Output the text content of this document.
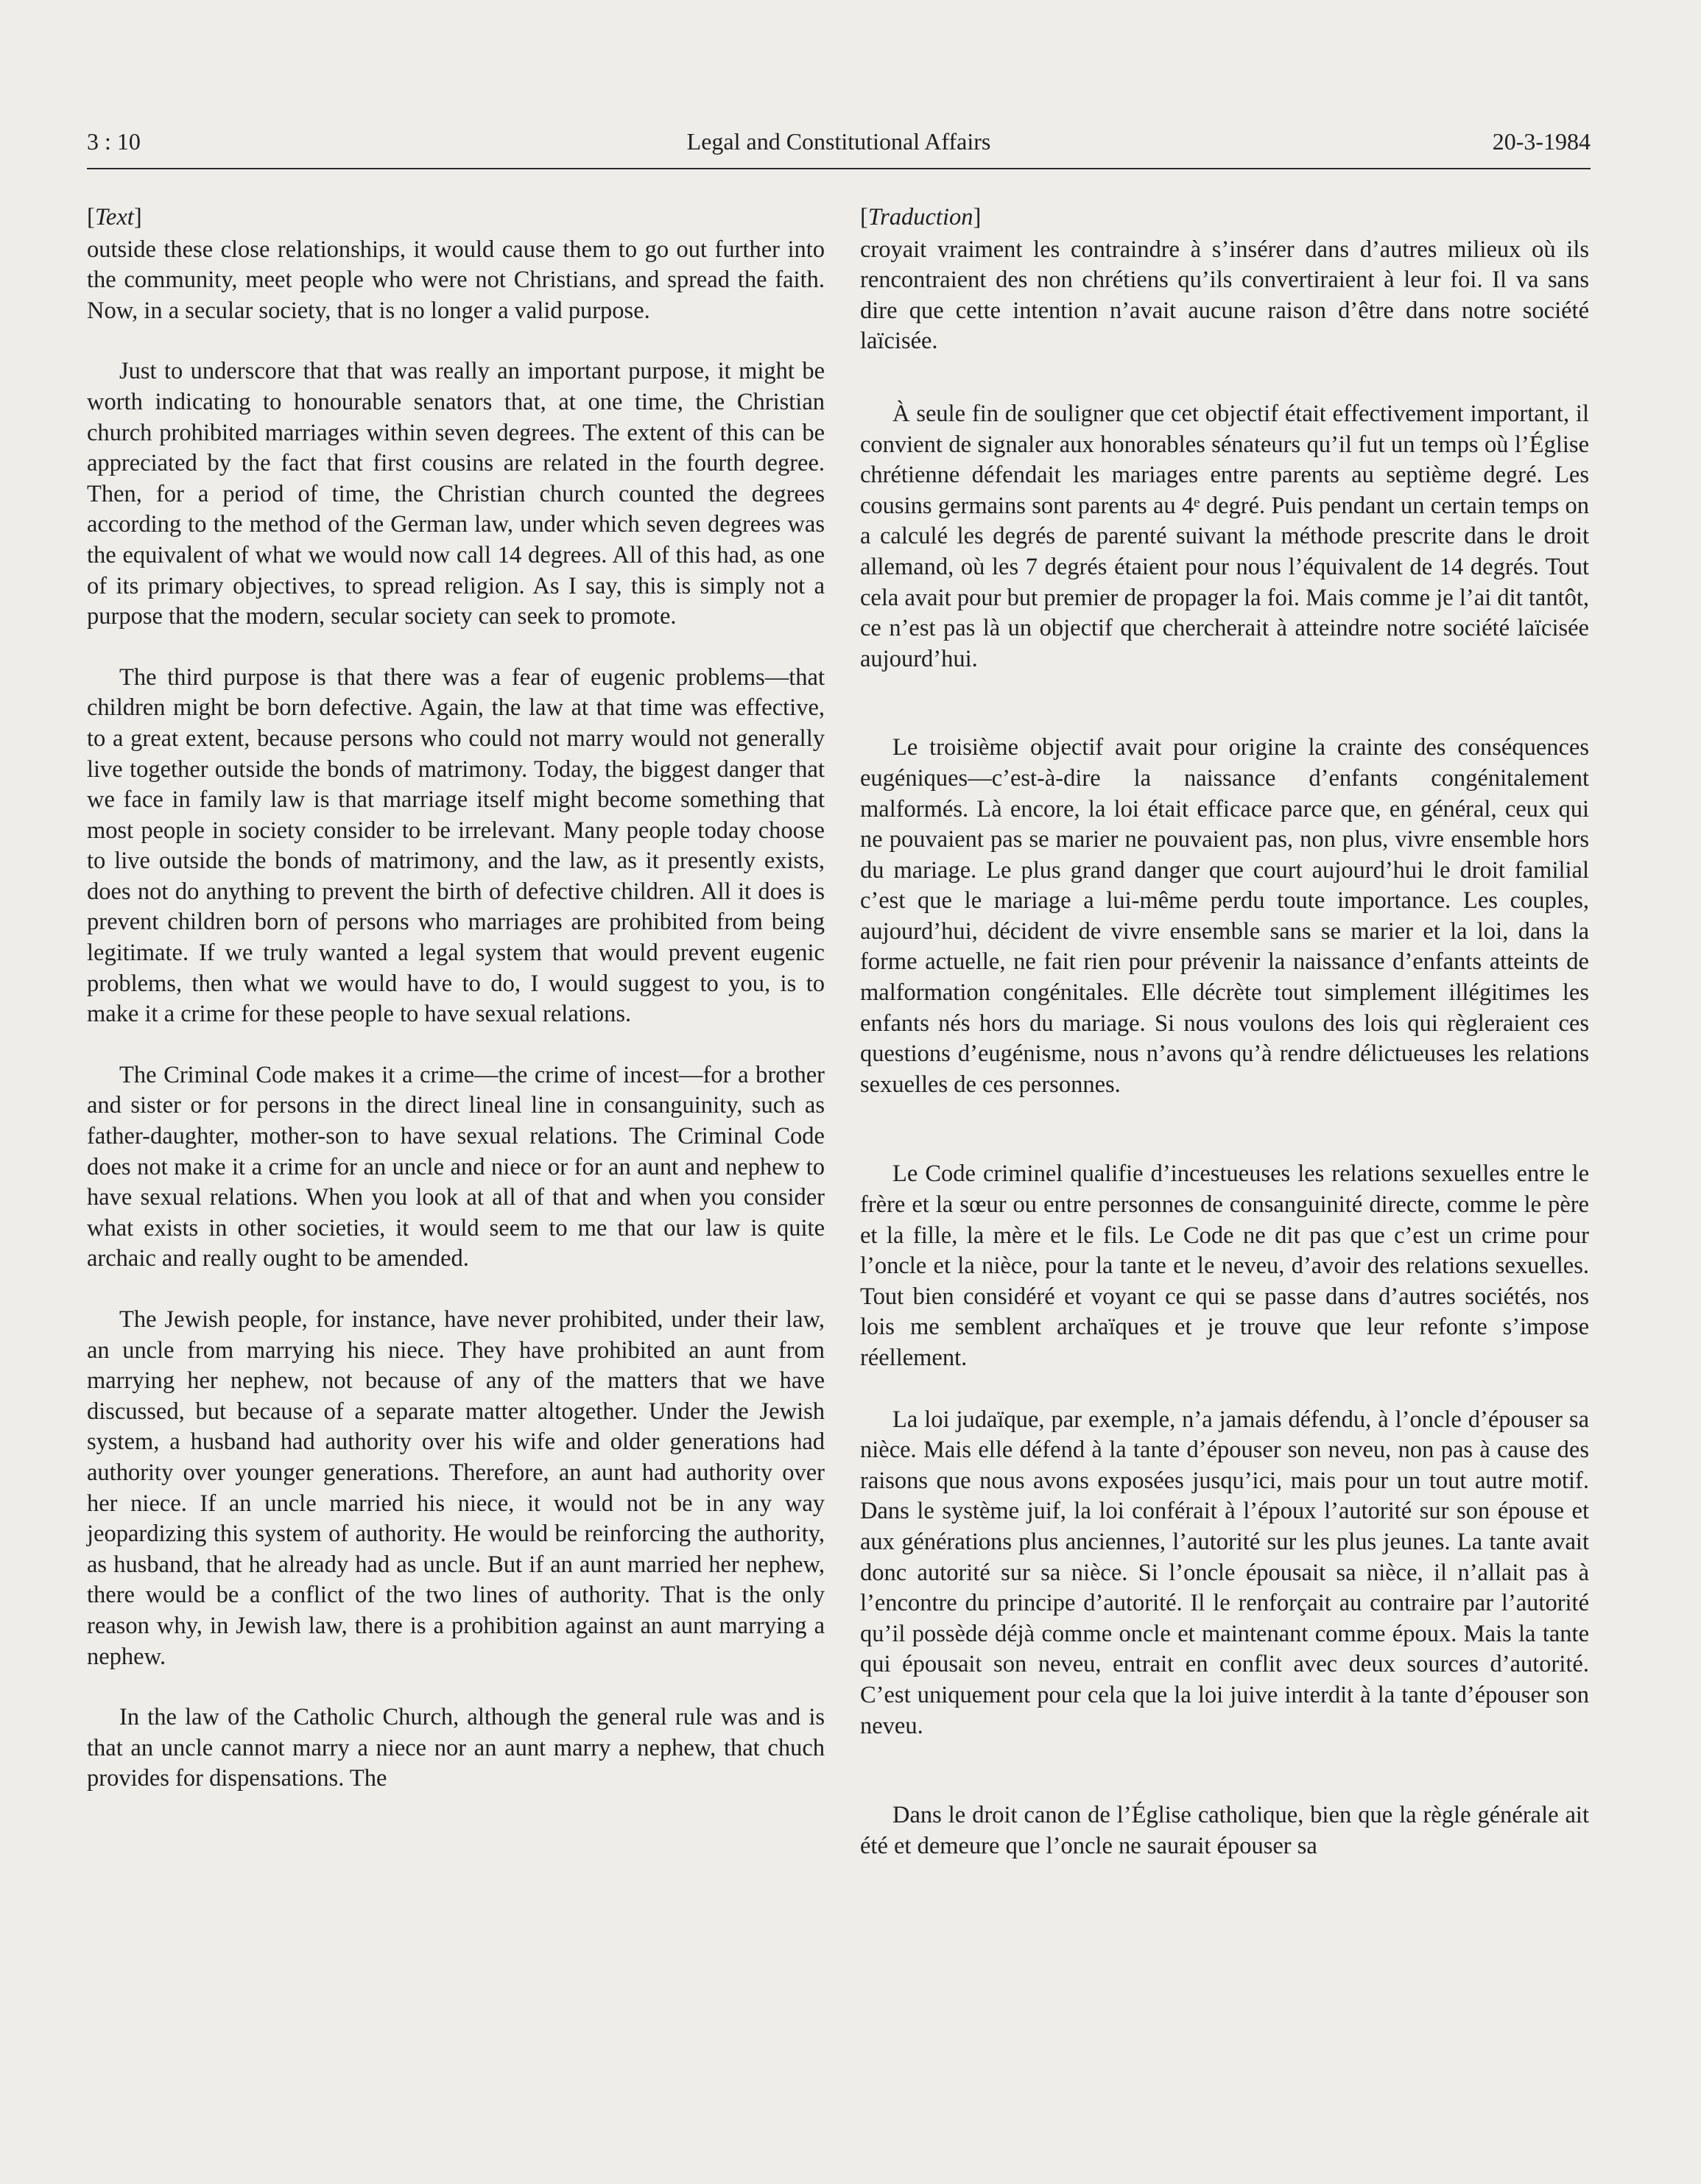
3 : 10	Legal and Constitutional Affairs	20-3-1984
[Text]

outside these close relationships, it would cause them to go out further into the community, meet people who were not Christians, and spread the faith. Now, in a secular society, that is no longer a valid purpose.

Just to underscore that that was really an important purpose, it might be worth indicating to honourable senators that, at one time, the Christian church prohibited marriages within seven degrees. The extent of this can be appreciated by the fact that first cousins are related in the fourth degree. Then, for a period of time, the Christian church counted the degrees according to the method of the German law, under which seven degrees was the equivalent of what we would now call 14 degrees. All of this had, as one of its primary objectives, to spread religion. As I say, this is simply not a purpose that the modern, secular society can seek to promote.

The third purpose is that there was a fear of eugenic problems—that children might be born defective. Again, the law at that time was effective, to a great extent, because persons who could not marry would not generally live together outside the bonds of matrimony. Today, the biggest danger that we face in family law is that marriage itself might become something that most people in society consider to be irrelevant. Many people today choose to live outside the bonds of matrimony, and the law, as it presently exists, does not do anything to prevent the birth of defective children. All it does is prevent children born of persons who marriages are prohibited from being legitimate. If we truly wanted a legal system that would prevent eugenic problems, then what we would have to do, I would suggest to you, is to make it a crime for these people to have sexual relations.

The Criminal Code makes it a crime—the crime of incest—for a brother and sister or for persons in the direct lineal line in consanguinity, such as father-daughter, mother-son to have sexual relations. The Criminal Code does not make it a crime for an uncle and niece or for an aunt and nephew to have sexual relations. When you look at all of that and when you consider what exists in other societies, it would seem to me that our law is quite archaic and really ought to be amended.

The Jewish people, for instance, have never prohibited, under their law, an uncle from marrying his niece. They have prohibited an aunt from marrying her nephew, not because of any of the matters that we have discussed, but because of a separate matter altogether. Under the Jewish system, a husband had authority over his wife and older generations had authority over younger generations. Therefore, an aunt had authority over her niece. If an uncle married his niece, it would not be in any way jeopardizing this system of authority. He would be reinforcing the authority, as husband, that he already had as uncle. But if an aunt married her nephew, there would be a conflict of the two lines of authority. That is the only reason why, in Jewish law, there is a prohibition against an aunt marrying a nephew.

In the law of the Catholic Church, although the general rule was and is that an uncle cannot marry a niece nor an aunt marry a nephew, that chuch provides for dispensations. The

[Traduction]

croyait vraiment les contraindre à s’insérer dans d’autres milieux où ils rencontraient des non chrétiens qu’ils convertiraient à leur foi. Il va sans dire que cette intention n’avait aucune raison d’être dans notre société laïcisée.

À seule fin de souligner que cet objectif était effectivement important, il convient de signaler aux honorables sénateurs qu’il fut un temps où l’Église chrétienne défendait les mariages entre parents au septième degré. Les cousins germains sont parents au 4ᵉ degré. Puis pendant un certain temps on a calculé les degrés de parenté suivant la méthode prescrite dans le droit allemand, où les 7 degrés étaient pour nous l’équivalent de 14 degrés. Tout cela avait pour but premier de propager la foi. Mais comme je l’ai dit tantôt, ce n’est pas là un objectif que chercherait à atteindre notre société laïcisée aujourd’hui.

Le troisième objectif avait pour origine la crainte des conséquences eugéniques—c’est-à-dire la naissance d’enfants congénitalement malformés. Là encore, la loi était efficace parce que, en général, ceux qui ne pouvaient pas se marier ne pouvaient pas, non plus, vivre ensemble hors du mariage. Le plus grand danger que court aujourd’hui le droit familial c’est que le mariage a lui-même perdu toute importance. Les couples, aujourd’hui, décident de vivre ensemble sans se marier et la loi, dans la forme actuelle, ne fait rien pour prévenir la naissance d’enfants atteints de malformation congénitales. Elle décrète tout simplement illégitimes les enfants nés hors du mariage. Si nous voulons des lois qui règleraient ces questions d’eugénisme, nous n’avons qu’à rendre délictueuses les relations sexuelles de ces personnes.

Le Code criminel qualifie d’incestueuses les relations sexuelles entre le frère et la sœur ou entre personnes de consanguinité directe, comme le père et la fille, la mère et le fils. Le Code ne dit pas que c’est un crime pour l’oncle et la nièce, pour la tante et le neveu, d’avoir des relations sexuelles. Tout bien considéré et voyant ce qui se passe dans d’autres sociétés, nos lois me semblent archaïques et je trouve que leur refonte s’impose réellement.

La loi judaïque, par exemple, n’a jamais défendu, à l’oncle d’épouser sa nièce. Mais elle défend à la tante d’épouser son neveu, non pas à cause des raisons que nous avons exposées jusqu’ici, mais pour un tout autre motif. Dans le système juif, la loi conférait à l’époux l’autorité sur son épouse et aux générations plus anciennes, l’autorité sur les plus jeunes. La tante avait donc autorité sur sa nièce. Si l’oncle épousait sa nièce, il n’allait pas à l’encontre du principe d’autorité. Il le renforçait au contraire par l’autorité qu’il possède déjà comme oncle et maintenant comme époux. Mais la tante qui épousait son neveu, entrait en conflit avec deux sources d’autorité. C’est uniquement pour cela que la loi juive interdit à la tante d’épouser son neveu.

Dans le droit canon de l’Église catholique, bien que la règle générale ait été et demeure que l’oncle ne saurait épouser sa
